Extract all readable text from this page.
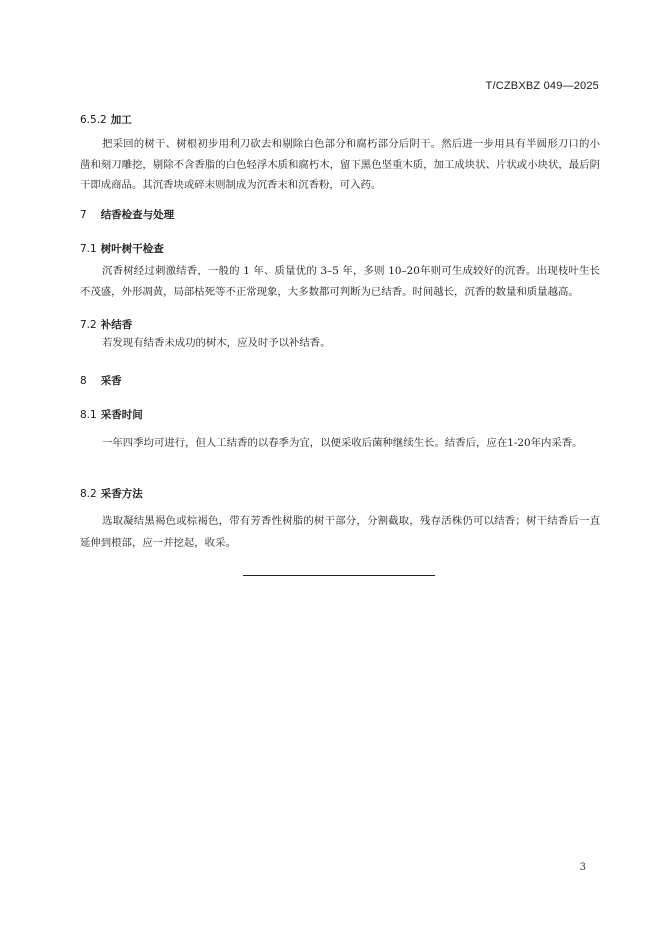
T/CZBXBZ 049—2025
6.5.2 加工
把采回的树干、树根初步用利刀砍去和剔除白色部分和腐朽部分后阴干。然后进一步用具有半圆形刀口的小凿和刻刀雕挖，剔除不含香脂的白色轻浮木质和腐朽木，留下黑色坚重木质，加工成块状、片状或小块状，最后阴干即成商品。其沉香块或碎末则制成为沉香末和沉香粉，可入药。
7 结香检查与处理
7.1 树叶树干检查
沉香树经过刺激结香，一般的 1 年、质量优的 3–5 年，多则 10–20年则可生成较好的沉香。出现枝叶生长不茂盛，外形凋黄，局部枯死等不正常现象，大多数都可判断为已结香。时间越长，沉香的数量和质量越高。
7.2 补结香
若发现有结香未成功的树木，应及时予以补结香。
8 采香
8.1 采香时间
一年四季均可进行，但人工结香的以春季为宜，以便采收后菌种继续生长。结香后，应在1-20年内采香。
8.2 采香方法
选取凝结黑褐色或棕褐色，带有芳香性树脂的树干部分，分割截取，残存活株仍可以结香；树干结香后一直延伸到根部，应一并挖起，收采。
3
